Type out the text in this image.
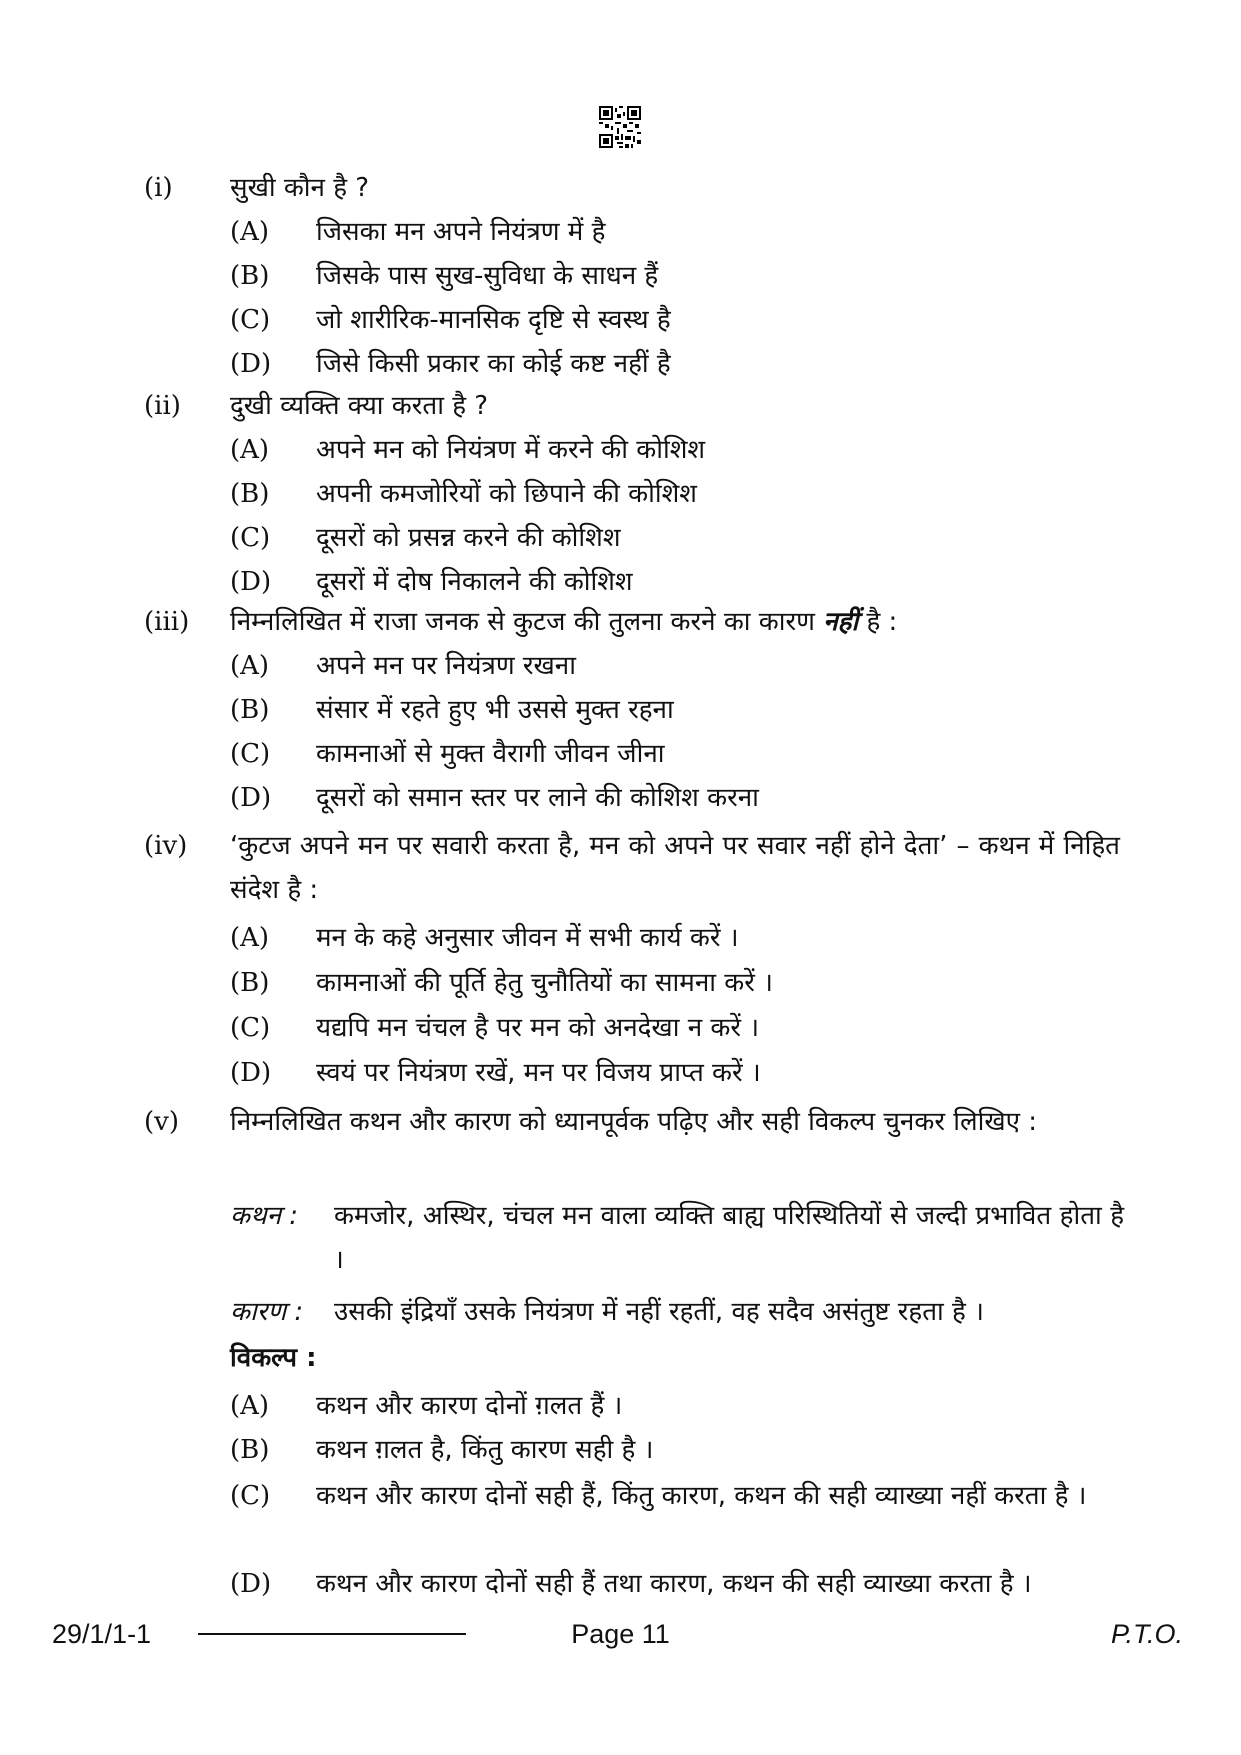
(i) सुखी कौन है ?
(A) जिसका मन अपने नियंत्रण में है
(B) जिसके पास सुख-सुविधा के साधन हैं
(C) जो शारीरिक-मानसिक दृष्टि से स्वस्थ है
(D) जिसे किसी प्रकार का कोई कष्ट नहीं है
(ii) दुखी व्यक्ति क्या करता है ?
(A) अपने मन को नियंत्रण में करने की कोशिश
(B) अपनी कमजोरियों को छिपाने की कोशिश
(C) दूसरों को प्रसन्न करने की कोशिश
(D) दूसरों में दोष निकालने की कोशिश
(iii) निम्नलिखित में राजा जनक से कुटज की तुलना करने का कारण नहीं है :
(A) अपने मन पर नियंत्रण रखना
(B) संसार में रहते हुए भी उससे मुक्त रहना
(C) कामनाओं से मुक्त वैरागी जीवन जीना
(D) दूसरों को समान स्तर पर लाने की कोशिश करना
(iv) ‘कुटज अपने मन पर सवारी करता है, मन को अपने पर सवार नहीं होने देता’ – कथन में निहित संदेश है :
(A) मन के कहे अनुसार जीवन में सभी कार्य करें ।
(B) कामनाओं की पूर्ति हेतु चुनौतियों का सामना करें ।
(C) यद्यपि मन चंचल है पर मन को अनदेखा न करें ।
(D) स्वयं पर नियंत्रण रखें, मन पर विजय प्राप्त करें ।
(v) निम्नलिखित कथन और कारण को ध्यानपूर्वक पढ़िए और सही विकल्प चुनकर लिखिए :
कथन : कमजोर, अस्थिर, चंचल मन वाला व्यक्ति बाह्य परिस्थितियों से जल्दी प्रभावित होता है ।
कारण : उसकी इंद्रियाँ उसके नियंत्रण में नहीं रहतीं, वह सदैव असंतुष्ट रहता है ।
विकल्प :
(A) कथन और कारण दोनों ग़लत हैं ।
(B) कथन ग़लत है, किंतु कारण सही है ।
(C) कथन और कारण दोनों सही हैं, किंतु कारण, कथन की सही व्याख्या नहीं करता है ।
(D) कथन और कारण दोनों सही हैं तथा कारण, कथन की सही व्याख्या करता है ।
29/1/1-1	Page 11	P.T.O.
